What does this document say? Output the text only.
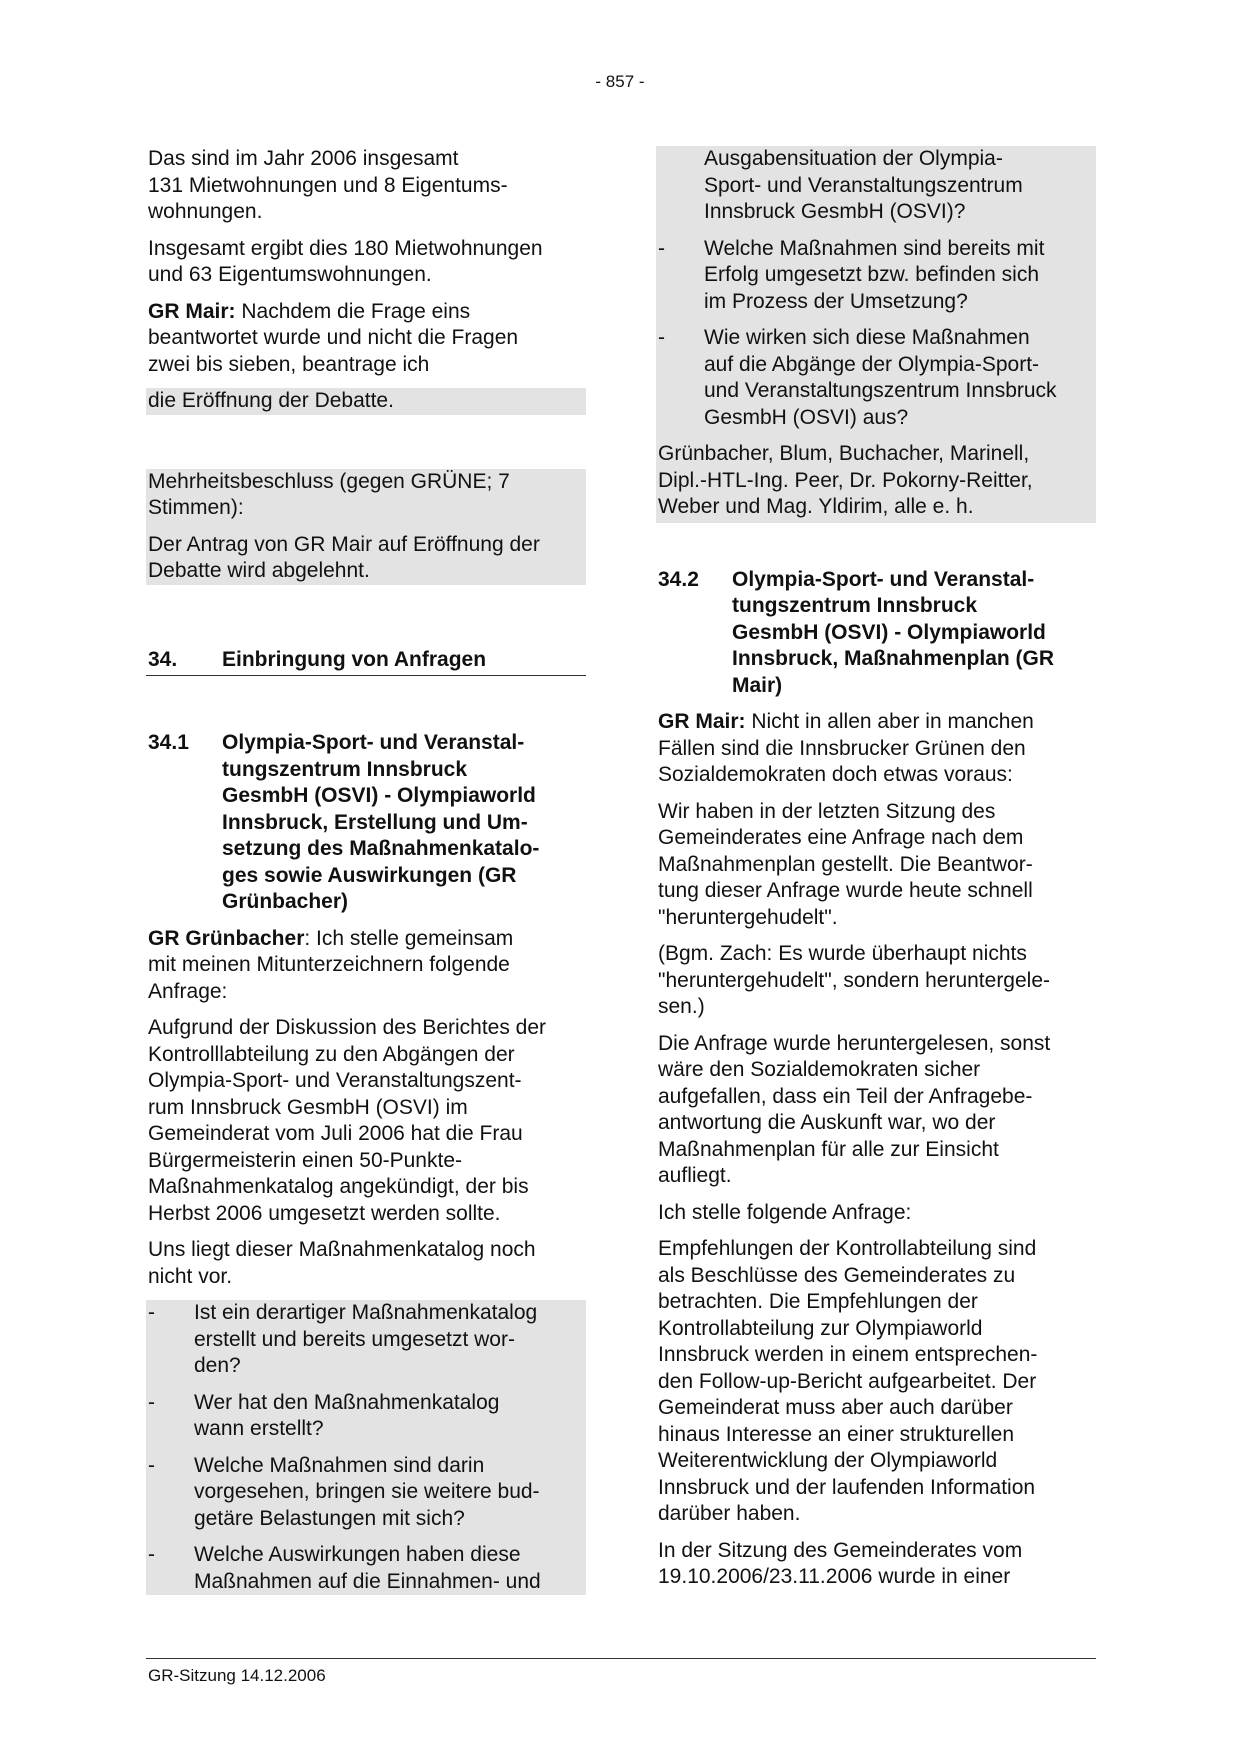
- 857 -

Das sind im Jahr 2006 insgesamt
131 Mietwohnungen und 8 Eigentums-
wohnungen.

Insgesamt ergibt dies 180 Mietwohnungen
und 63 Eigentumswohnungen.

GR Mair: Nachdem die Frage eins
beantwortet wurde und nicht die Fragen
zwei bis sieben, beantrage ich

die Eröffnung der Debatte.

Mehrheitsbeschluss (gegen GRÜNE; 7
Stimmen):

Der Antrag von GR Mair auf Eröffnung der
Debatte wird abgelehnt.

34.	Einbringung von Anfragen
34.1	Olympia-Sport- und Veranstal-
tungszentrum Innsbruck
GesmbH (OSVI) - Olympiaworld
Innsbruck, Erstellung und Um-
setzung des Maßnahmenkatalo-
ges sowie Auswirkungen (GR
Grünbacher)

GR Grünbacher: Ich stelle gemeinsam
mit meinen Mitunterzeichnern folgende
Anfrage:

Aufgrund der Diskussion des Berichtes der
Kontrolllabteilung zu den Abgängen der
Olympia-Sport- und Veranstaltungszent-
rum Innsbruck GesmbH (OSVI) im
Gemeinderat vom Juli 2006 hat die Frau
Bürgermeisterin einen 50-Punkte-
Maßnahmenkatalog angekündigt, der bis
Herbst 2006 umgesetzt werden sollte.

Uns liegt dieser Maßnahmenkatalog noch
nicht vor.

-	Ist ein derartiger Maßnahmenkatalog
erstellt und bereits umgesetzt wor-
den?
-	Wer hat den Maßnahmenkatalog
wann erstellt?
-	Welche Maßnahmen sind darin
vorgesehen, bringen sie weitere bud-
getäre Belastungen mit sich?
-	Welche Auswirkungen haben diese
Maßnahmen auf die Einnahmen- und
Ausgabensituation der Olympia-
Sport- und Veranstaltungszentrum
Innsbruck GesmbH (OSVI)?
-	Welche Maßnahmen sind bereits mit
Erfolg umgesetzt bzw. befinden sich
im Prozess der Umsetzung?
-	Wie wirken sich diese Maßnahmen
auf die Abgänge der Olympia-Sport-
und Veranstaltungszentrum Innsbruck
GesmbH (OSVI) aus?

Grünbacher, Blum, Buchacher, Marinell,
Dipl.-HTL-Ing. Peer, Dr. Pokorny-Reitter,
Weber und Mag. Yldirim, alle e. h.

34.2	Olympia-Sport- und Veranstal-
tungszentrum Innsbruck
GesmbH (OSVI) - Olympiaworld
Innsbruck, Maßnahmenplan (GR
Mair)

GR Mair: Nicht in allen aber in manchen
Fällen sind die Innsbrucker Grünen den
Sozialdemokraten doch etwas voraus:

Wir haben in der letzten Sitzung des
Gemeinderates eine Anfrage nach dem
Maßnahmenplan gestellt. Die Beantwor-
tung dieser Anfrage wurde heute schnell
"heruntergehudelt".

(Bgm. Zach: Es wurde überhaupt nichts
"heruntergehudelt", sondern heruntergele-
sen.)

Die Anfrage wurde heruntergelesen, sonst
wäre den Sozialdemokraten sicher
aufgefallen, dass ein Teil der Anfragebe-
antwortung die Auskunft war, wo der
Maßnahmenplan für alle zur Einsicht
aufliegt.

Ich stelle folgende Anfrage:

Empfehlungen der Kontrollabteilung sind
als Beschlüsse des Gemeinderates zu
betrachten. Die Empfehlungen der
Kontrollabteilung zur Olympiaworld
Innsbruck werden in einem entsprechen-
den Follow-up-Bericht aufgearbeitet. Der
Gemeinderat muss aber auch darüber
hinaus Interesse an einer strukturellen
Weiterentwicklung der Olympiaworld
Innsbruck und der laufenden Information
darüber haben.

In der Sitzung des Gemeinderates vom
19.10.2006/23.11.2006 wurde in einer

GR-Sitzung 14.12.2006
